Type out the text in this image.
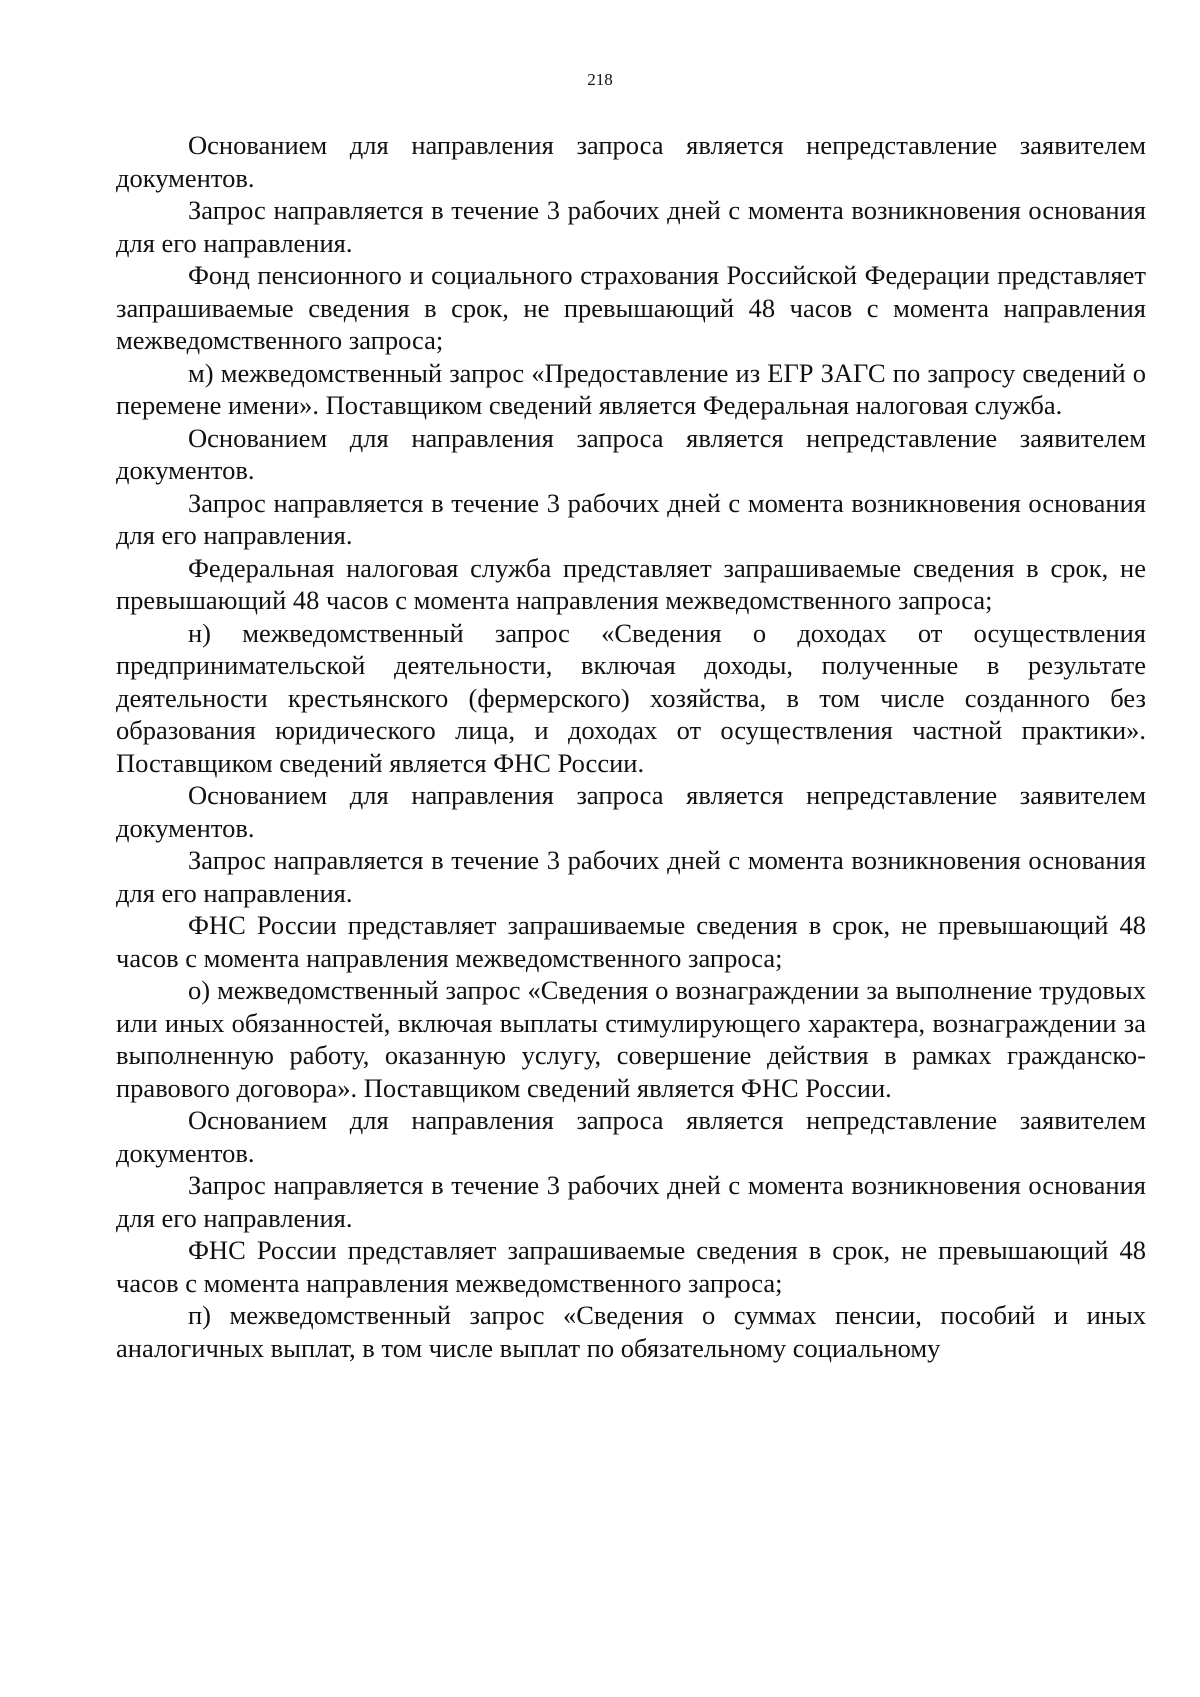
218

Основанием для направления запроса является непредставление заявителем документов.

Запрос направляется в течение 3 рабочих дней с момента возникновения основания для его направления.

Фонд пенсионного и социального страхования Российской Федерации представляет запрашиваемые сведения в срок, не превышающий 48 часов с момента направления межведомственного запроса;

м) межведомственный запрос «Предоставление из ЕГР ЗАГС по запросу сведений о перемене имени». Поставщиком сведений является Федеральная налоговая служба.

Основанием для направления запроса является непредставление заявителем документов.

Запрос направляется в течение 3 рабочих дней с момента возникновения основания для его направления.

Федеральная налоговая служба представляет запрашиваемые сведения в срок, не превышающий 48 часов с момента направления межведомственного запроса;

н) межведомственный запрос «Сведения о доходах от осуществления предпринимательской деятельности, включая доходы, полученные в результате деятельности крестьянского (фермерского) хозяйства, в том числе созданного без образования юридического лица, и доходах от осуществления частной практики». Поставщиком сведений является ФНС России.

Основанием для направления запроса является непредставление заявителем документов.

Запрос направляется в течение 3 рабочих дней с момента возникновения основания для его направления.

ФНС России представляет запрашиваемые сведения в срок, не превышающий 48 часов с момента направления межведомственного запроса;

о) межведомственный запрос «Сведения о вознаграждении за выполнение трудовых или иных обязанностей, включая выплаты стимулирующего характера, вознаграждении за выполненную работу, оказанную услугу, совершение действия в рамках гражданско-правового договора». Поставщиком сведений является ФНС России.

Основанием для направления запроса является непредставление заявителем документов.

Запрос направляется в течение 3 рабочих дней с момента возникновения основания для его направления.

ФНС России представляет запрашиваемые сведения в срок, не превышающий 48 часов с момента направления межведомственного запроса;

п) межведомственный запрос «Сведения о суммах пенсии, пособий и иных аналогичных выплат, в том числе выплат по обязательному социальному
